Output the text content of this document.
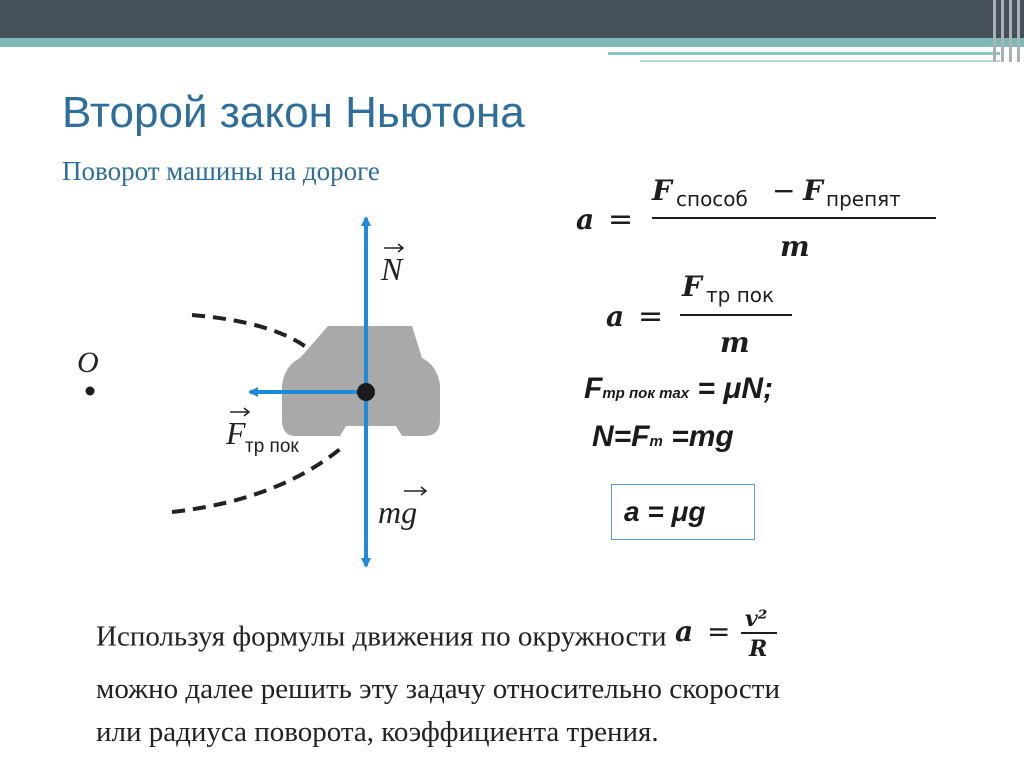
Второй закон Ньютона

Поворот машины на дороге

O
N
mg
F тр пок
a =
F способ − F препят
m
a =
F тр пок
m

Fтр пок max = μN;

N=Fт =mg

a = μg

Используя формулы движения по окружности a = v²
R

можно далее решить эту задачу относительно скорости

или радиуса поворота, коэффициента трения.
